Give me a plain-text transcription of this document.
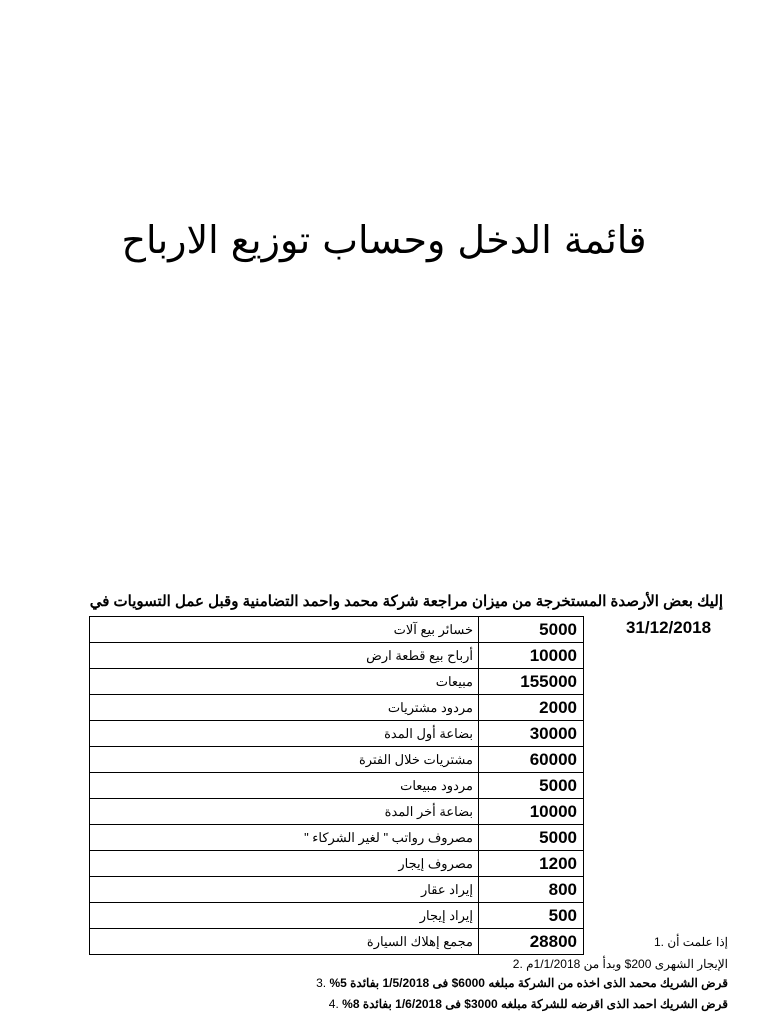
قائمة الدخل وحساب توزيع الارباح
إليك بعض الأرصدة المستخرجة من ميزان مراجعة شركة محمد واحمد التضامنية وقبل عمل التسويات في
31/12/2018
خسائر بيع آلات	5000
أرباح بيع قطعة ارض	10000
مبيعات	155000
مردود مشتريات	2000
بضاعة أول المدة	30000
مشتريات خلال الفترة	60000
مردود مبيعات	5000
بضاعة أخر المدة	10000
مصروف رواتب " لغير الشركاء "	5000
مصروف إيجار	1200
إيراد عقار	800
إيراد إيجار	500
مجمع إهلاك السيارة	28800	إذا علمت أن .1
الإيجار الشهرى 200$ وبدأ من 1/1/2018م .2
قرض الشريك محمد الذى اخذه من الشركة مبلغه 6000$ فى 1/5/2018 بفائدة 5% .3
قرض الشريك احمد الذى اقرضه للشركة مبلغه 3000$ فى 1/6/2018 بفائدة 8% .4
